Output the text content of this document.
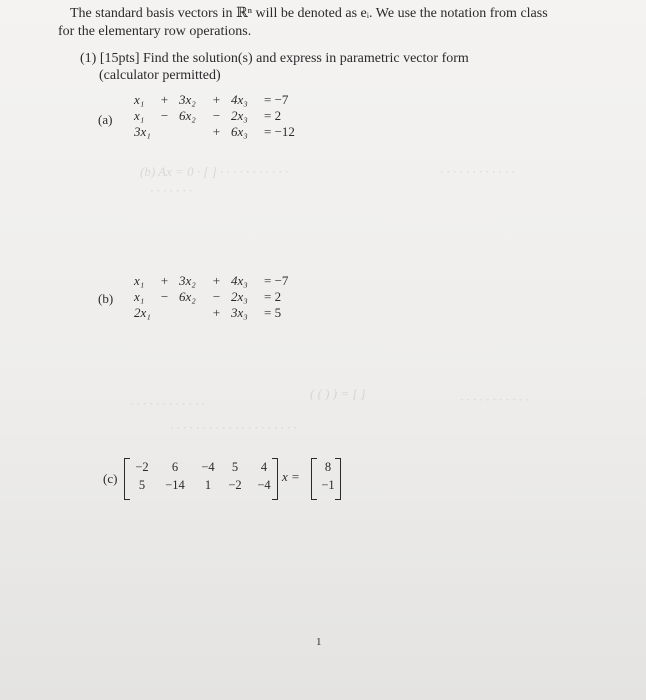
The standard basis vectors in ℝⁿ will be denoted as eᵢ. We use the notation from class
for the elementary row operations.
(1) [15pts] Find the solution(s) and express in parametric vector form
(calculator permitted)
(a)
x₁ + 3x₂ + 4x₃ = −7
x₁ − 6x₂ − 2x₃ = 2
3x₁	+ 6x₃ = −12
(b) Ax = 0 · [ ] · · · · · · · · · · ·	· · · · · · · · · · · ·
· · · · · · ·
· · · · · · · · · · · ·
( ( ) ) = [ ]	· · · · · · · · · · ·
· · · · · · · · · · · · · · · · · · · ·
(b)
x₁ + 3x₂ + 4x₃ = −7
x₁ − 6x₂ − 2x₃ = 2
2x₁	+ 3x₃ = 5
(c)
−2	6	−4	5	4
5	−14	1	−2	−4
x =
8
−1
1
